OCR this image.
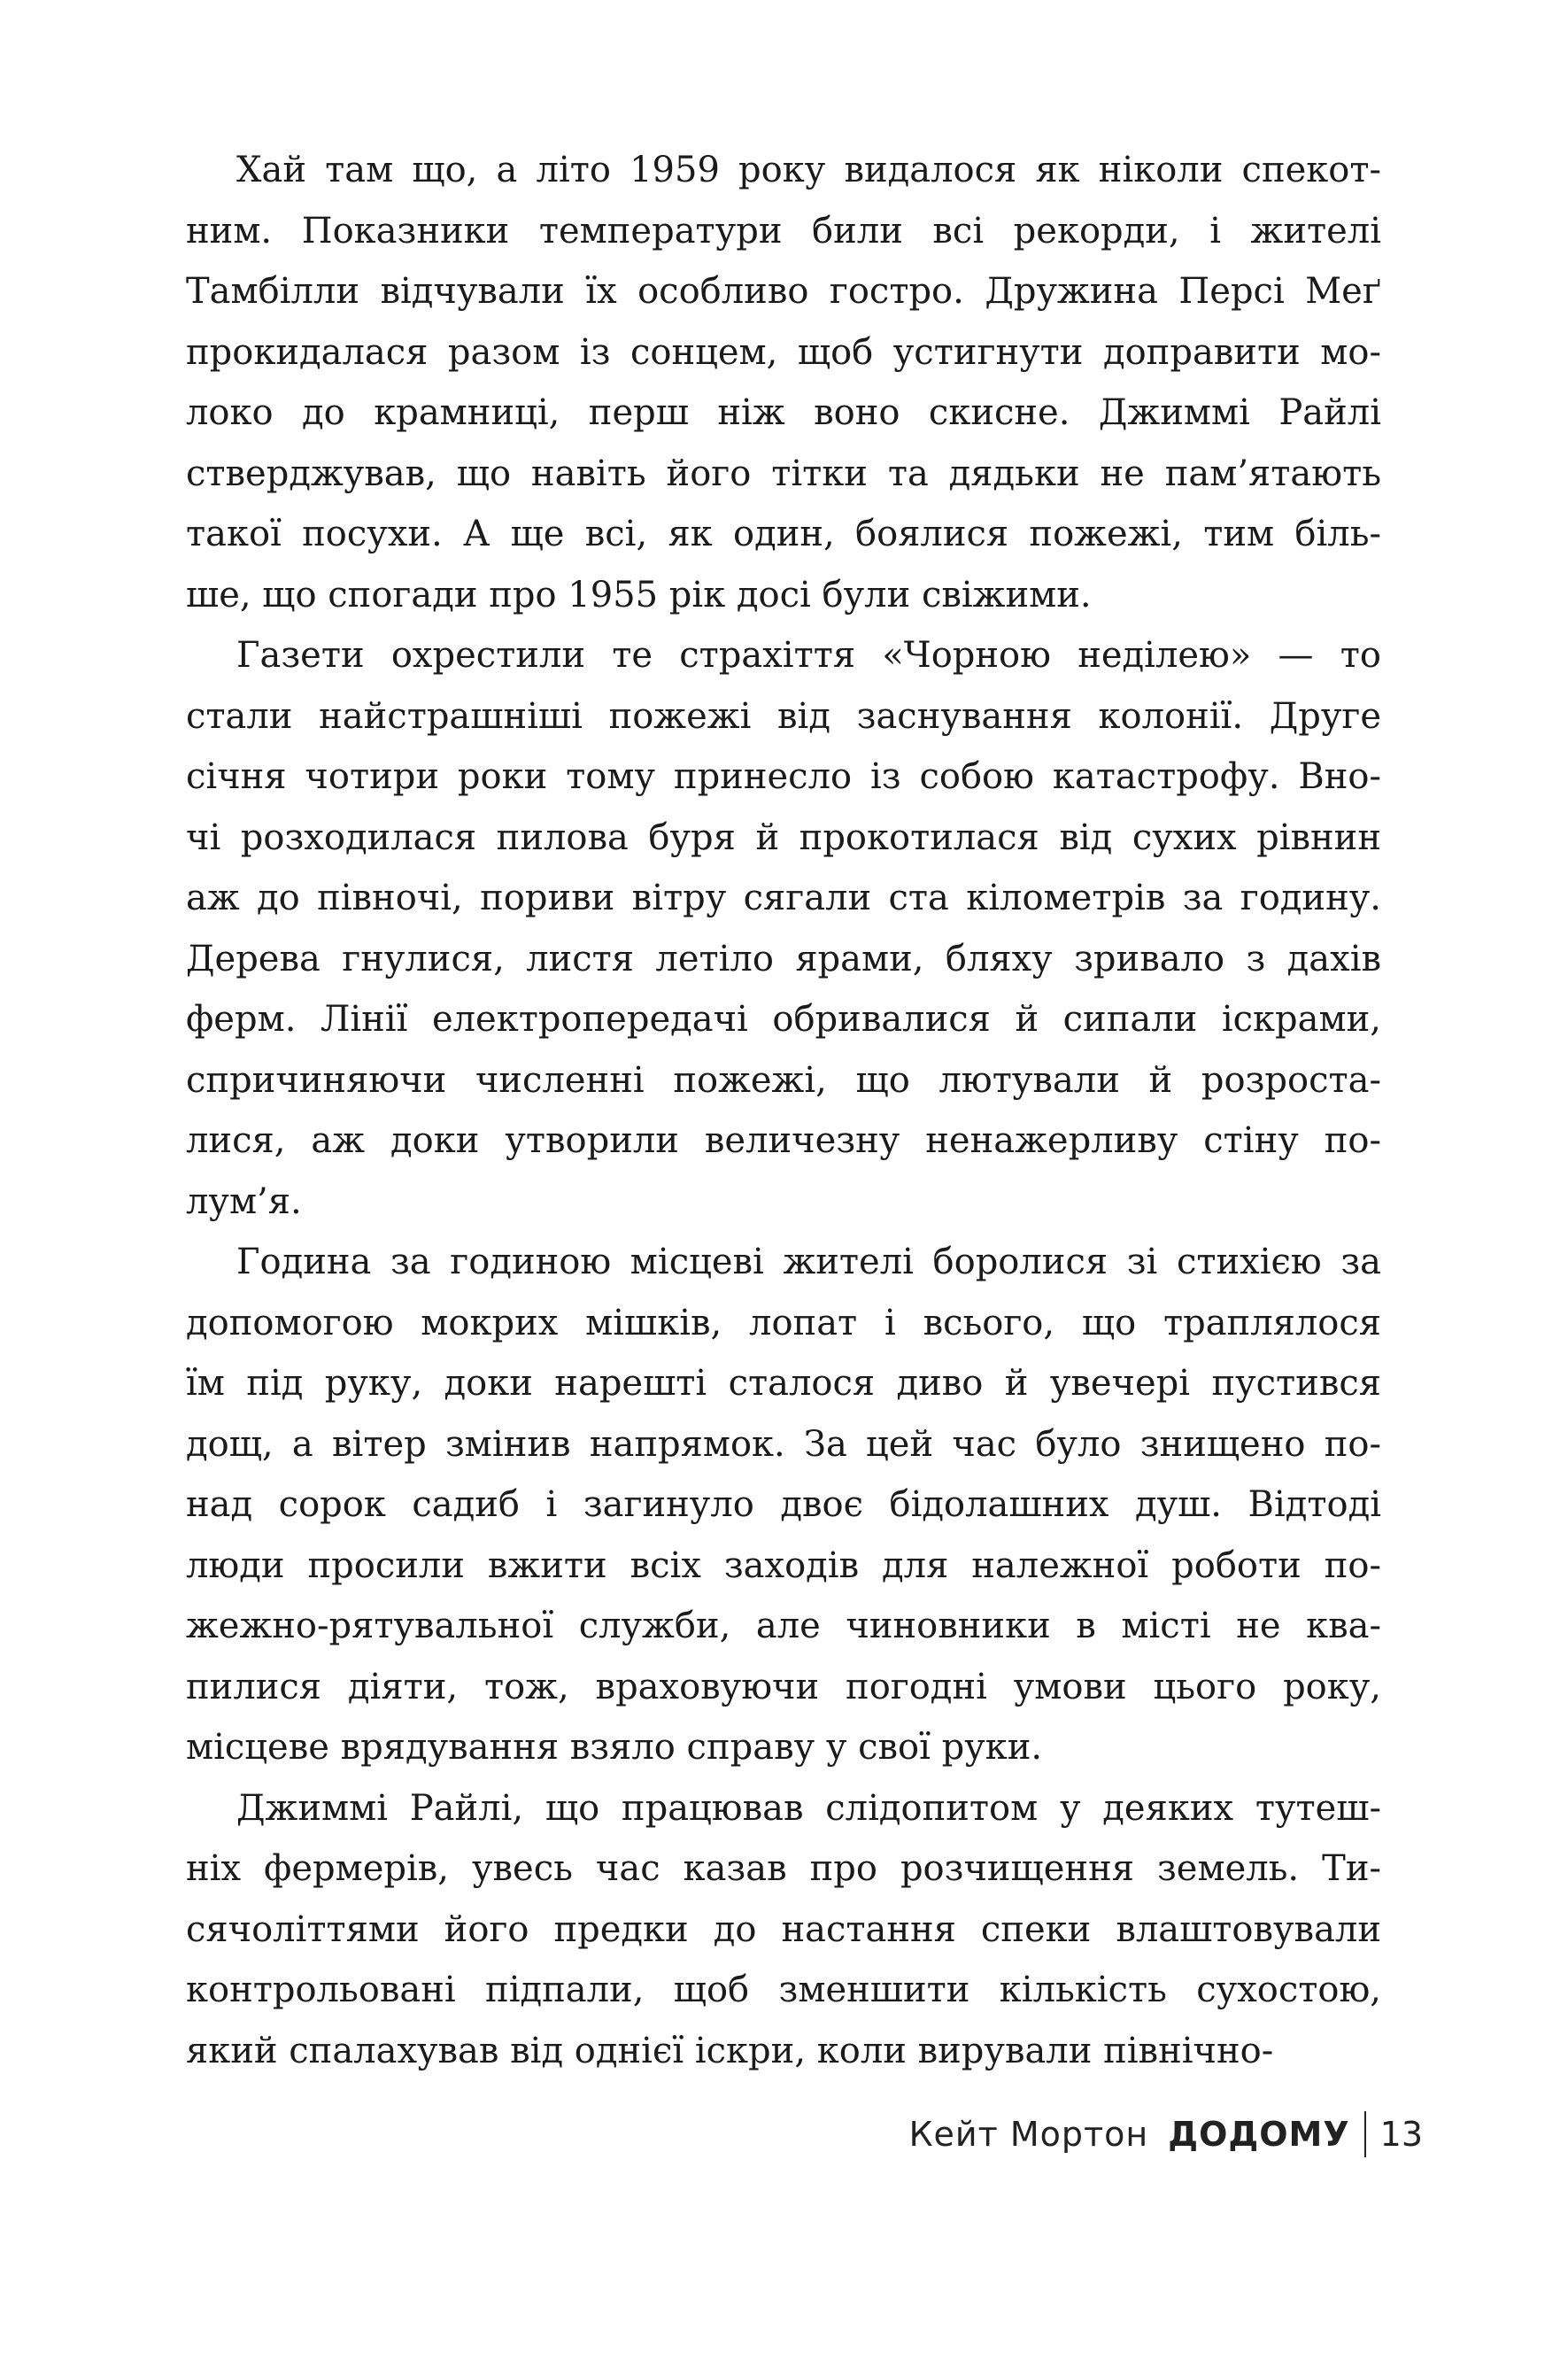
Хай там що, а літо 1959 року видалося як ніколи спекот-
ним. Показники температури били всі рекорди, і жителі
Тамбілли відчували їх особливо гостро. Дружина Персі Меґ
прокидалася разом із сонцем, щоб устигнути доправити мо-
локо до крамниці, перш ніж воно скисне. Джиммі Райлі
стверджував, що навіть його тітки та дядьки не пам’ятають
такої посухи. А ще всі, як один, боялися пожежі, тим біль-
ше, що спогади про 1955 рік досі були свіжими.
Газети охрестили те страхіття «Чорною неділею» — то
стали найстрашніші пожежі від заснування колонії. Друге
січня чотири роки тому принесло із собою катастрофу. Вно-
чі розходилася пилова буря й прокотилася від сухих рівнин
аж до півночі, пориви вітру сягали ста кілометрів за годину.
Дерева гнулися, листя летіло ярами, бляху зривало з дахів
ферм. Лінії електропередачі обривалися й сипали іскрами,
спричиняючи численні пожежі, що лютували й розроста-
лися, аж доки утворили величезну ненажерливу стіну по-
лум’я.
Година за годиною місцеві жителі боролися зі стихією за
допомогою мокрих мішків, лопат і всього, що траплялося
їм під руку, доки нарешті сталося диво й увечері пустився
дощ, а вітер змінив напрямок. За цей час було знищено по-
над сорок садиб і загинуло двоє бідолашних душ. Відтоді
люди просили вжити всіх заходів для належної роботи по-
жежно-рятувальної служби, але чиновники в місті не ква-
пилися діяти, тож, враховуючи погодні умови цього року,
місцеве врядування взяло справу у свої руки.
Джиммі Райлі, що працював слідопитом у деяких тутеш-
ніх фермерів, увесь час казав про розчищення земель. Ти-
сячоліттями його предки до настання спеки влаштовували
контрольовані підпали, щоб зменшити кількість сухостою,
який спалахував від однієї іскри, коли вирували північно-
Кейт Мортон ДОДОМУ 13
